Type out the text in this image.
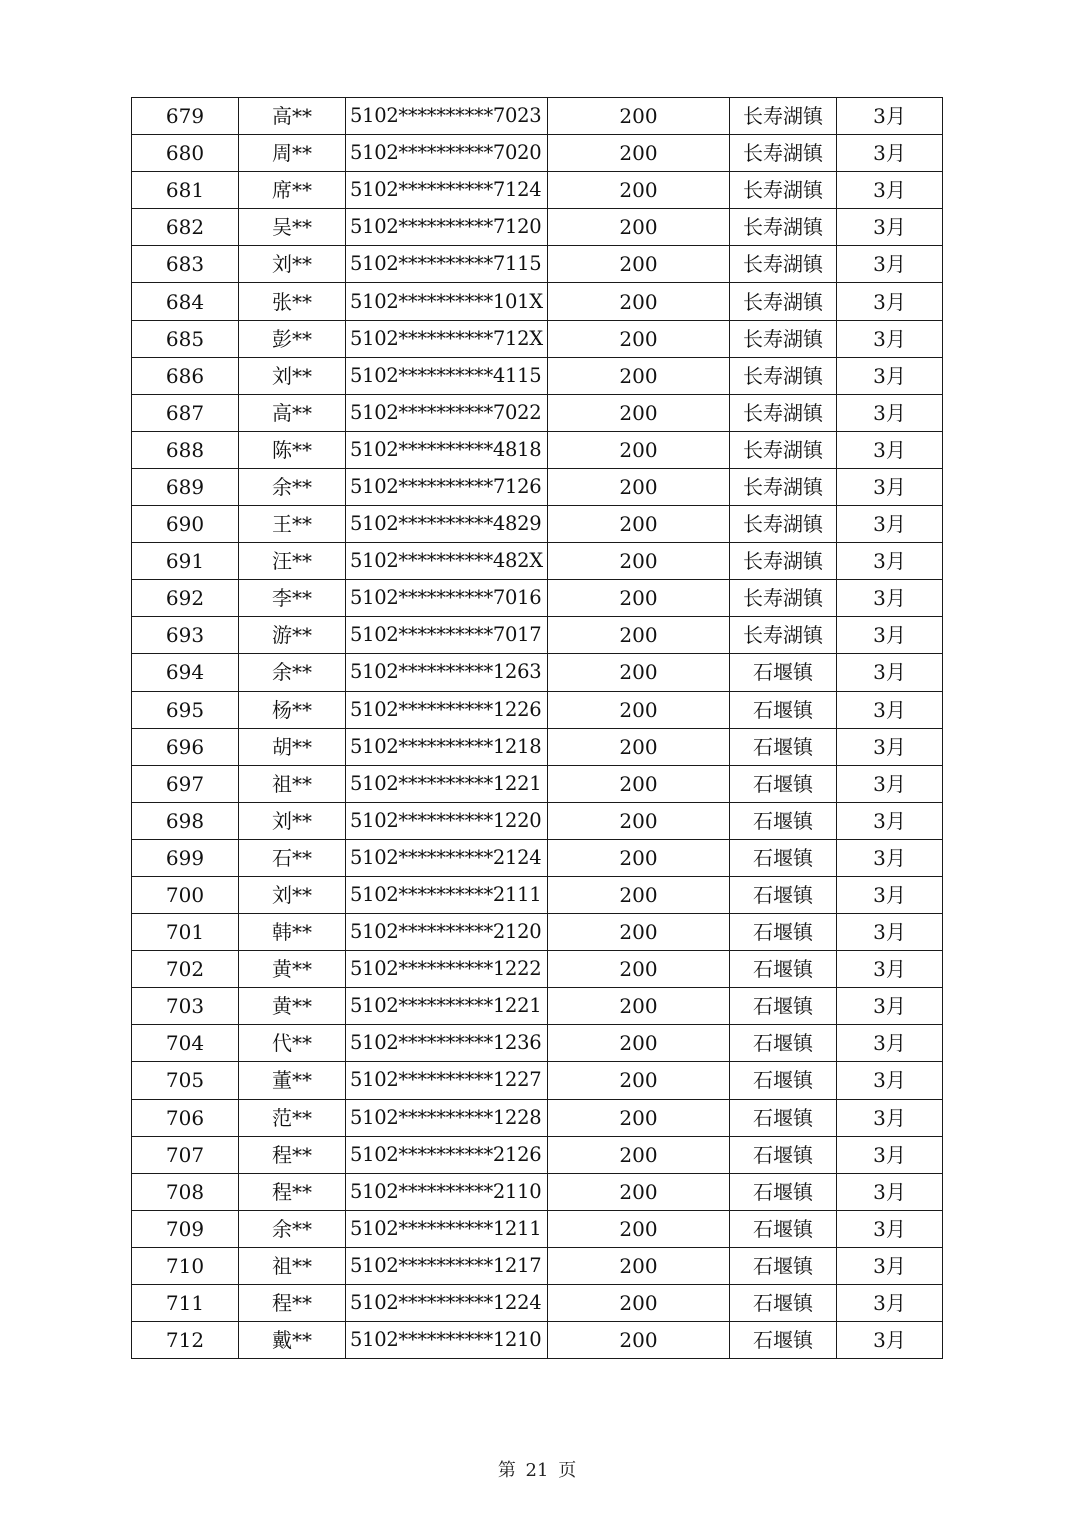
679	高**	5102**********7023	200	长寿湖镇	3月
680	周**	5102**********7020	200	长寿湖镇	3月
681	席**	5102**********7124	200	长寿湖镇	3月
682	吴**	5102**********7120	200	长寿湖镇	3月
683	刘**	5102**********7115	200	长寿湖镇	3月
684	张**	5102**********101X	200	长寿湖镇	3月
685	彭**	5102**********712X	200	长寿湖镇	3月
686	刘**	5102**********4115	200	长寿湖镇	3月
687	高**	5102**********7022	200	长寿湖镇	3月
688	陈**	5102**********4818	200	长寿湖镇	3月
689	余**	5102**********7126	200	长寿湖镇	3月
690	王**	5102**********4829	200	长寿湖镇	3月
691	汪**	5102**********482X	200	长寿湖镇	3月
692	李**	5102**********7016	200	长寿湖镇	3月
693	游**	5102**********7017	200	长寿湖镇	3月
694	余**	5102**********1263	200	石堰镇	3月
695	杨**	5102**********1226	200	石堰镇	3月
696	胡**	5102**********1218	200	石堰镇	3月
697	祖**	5102**********1221	200	石堰镇	3月
698	刘**	5102**********1220	200	石堰镇	3月
699	石**	5102**********2124	200	石堰镇	3月
700	刘**	5102**********2111	200	石堰镇	3月
701	韩**	5102**********2120	200	石堰镇	3月
702	黄**	5102**********1222	200	石堰镇	3月
703	黄**	5102**********1221	200	石堰镇	3月
704	代**	5102**********1236	200	石堰镇	3月
705	董**	5102**********1227	200	石堰镇	3月
706	范**	5102**********1228	200	石堰镇	3月
707	程**	5102**********2126	200	石堰镇	3月
708	程**	5102**********2110	200	石堰镇	3月
709	余**	5102**********1211	200	石堰镇	3月
710	祖**	5102**********1217	200	石堰镇	3月
711	程**	5102**********1224	200	石堰镇	3月
712	戴**	5102**********1210	200	石堰镇	3月
第 21 页
